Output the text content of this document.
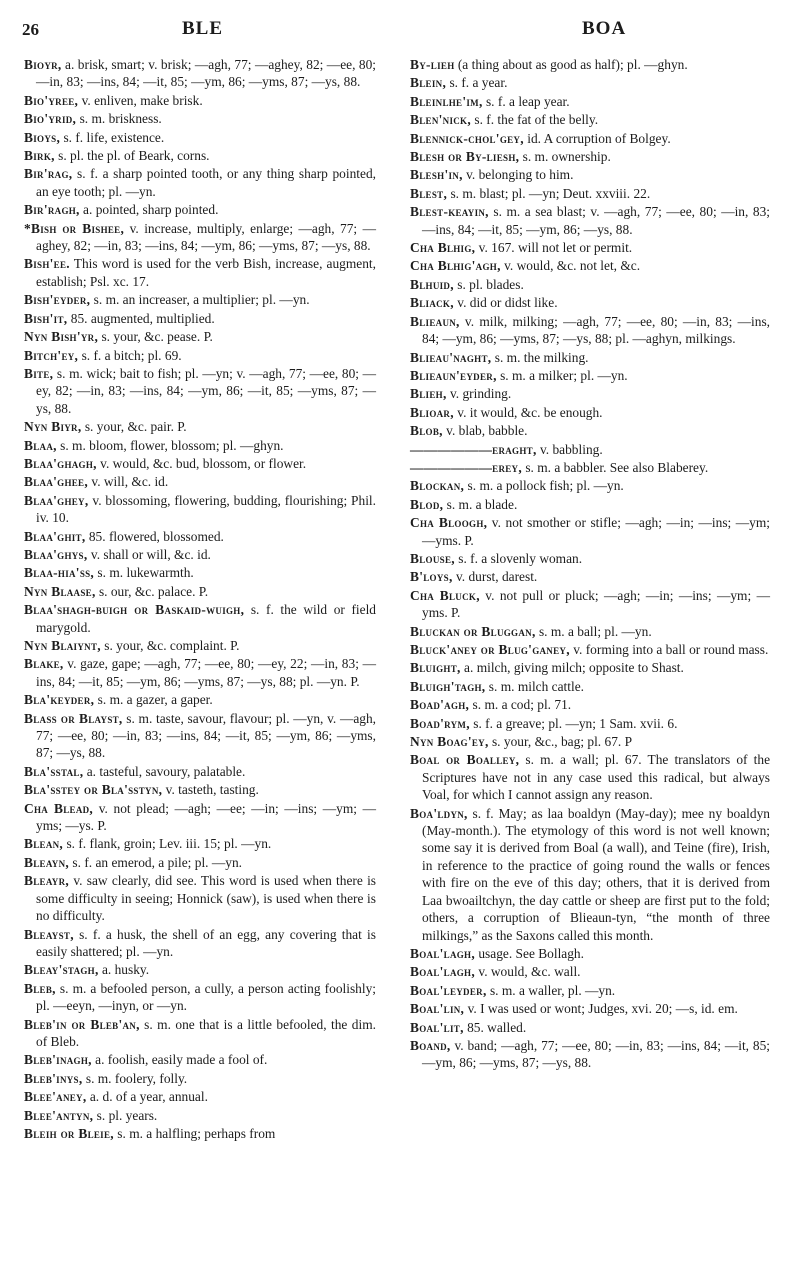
26	BLE	BOA

Bioyr, a. brisk, smart; v. brisk; —agh, 77; —aghey, 82; —ee, 80; —in, 83; —ins, 84; —it, 85; —ym, 86; —yms, 87; —ys, 88.

Bio'yree, v. enliven, make brisk.

Bio'yrid, s. m. briskness.

Bioys, s. f. life, existence.

Birk, s. pl. the pl. of Beark, corns.

Bir'rag, s. f. a sharp pointed tooth, or any thing sharp pointed, an eye tooth; pl. —yn.

Bir'ragh, a. pointed, sharp pointed.

*Bish or Bishee, v. increase, multiply, enlarge; —agh, 77; —aghey, 82; —in, 83; —ins, 84; —ym, 86; —yms, 87; —ys, 88.

Bish'ee. This word is used for the verb Bish, increase, augment, establish; Psl. xc. 17.

Bish'eyder, s. m. an increaser, a multiplier; pl. —yn.

Bish'it, 85. augmented, multiplied.

Nyn Bish'yr, s. your, &c. pease. P.

Bitch'ey, s. f. a bitch; pl. 69.

Bite, s. m. wick; bait to fish; pl. —yn; v. —agh, 77; —ee, 80; —ey, 82; —in, 83; —ins, 84; —ym, 86; —it, 85; —yms, 87; —ys, 88.

Nyn Biyr, s. your, &c. pair. P.

Blaa, s. m. bloom, flower, blossom; pl. —ghyn.

Blaa'ghagh, v. would, &c. bud, blossom, or flower.

Blaa'ghee, v. will, &c. id.

Blaa'ghey, v. blossoming, flowering, budding, flourishing; Phil. iv. 10.

Blaa'ghit, 85. flowered, blossomed.

Blaa'ghys, v. shall or will, &c. id.

Blaa-hia'ss, s. m. lukewarmth.

Nyn Blaase, s. our, &c. palace. P.

Blaa'shagh-buigh or Baskaid-wuigh, s. f. the wild or field marygold.

Nyn Blaiynt, s. your, &c. complaint. P.

Blake, v. gaze, gape; —agh, 77; —ee, 80; —ey, 22; —in, 83; —ins, 84; —it, 85; —ym, 86; —yms, 87; —ys, 88; pl. —yn. P.

Bla'keyder, s. m. a gazer, a gaper.

Blass or Blayst, s. m. taste, savour, flavour; pl. —yn, v. —agh, 77; —ee, 80; —in, 83; —ins, 84; —it, 85; —ym, 86; —yms, 87; —ys, 88.

Bla'sstal, a. tasteful, savoury, palatable.

Bla'sstey or Bla'sstyn, v. tasteth, tasting.

Cha Blead, v. not plead; —agh; —ee; —in; —ins; —ym; —yms; —ys. P.

Blean, s. f. flank, groin; Lev. iii. 15; pl. —yn.

Bleayn, s. f. an emerod, a pile; pl. —yn.

Bleayr, v. saw clearly, did see. This word is used when there is some difficulty in seeing; Honnick (saw), is used when there is no difficulty.

Bleayst, s. f. a husk, the shell of an egg, any covering that is easily shattered; pl. —yn.

Bleay'stagh, a. husky.

Bleb, s. m. a befooled person, a cully, a person acting foolishly; pl. —eeyn, —inyn, or —yn.

Bleb'in or Bleb'an, s. m. one that is a little befooled, the dim. of Bleb.

Bleb'inagh, a. foolish, easily made a fool of.

Bleb'inys, s. m. foolery, folly.

Blee'aney, a. d. of a year, annual.

Blee'antyn, s. pl. years.

Bleih or Bleie, s. m. a halfling; perhaps from

By-lieh (a thing about as good as half); pl. —ghyn.

Blein, s. f. a year.

Bleinlhe'im, s. f. a leap year.

Blen'nick, s. f. the fat of the belly.

Blennick-chol'gey, id. A corruption of Bolgey.

Blesh or By-liesh, s. m. ownership.

Blesh'in, v. belonging to him.

Blest, s. m. blast; pl. —yn; Deut. xxviii. 22.

Blest-keayin, s. m. a sea blast; v. —agh, 77; —ee, 80; —in, 83; —ins, 84; —it, 85; —ym, 86; —ys, 88.

Cha Blhig, v. 167. will not let or permit.

Cha Blhig'agh, v. would, &c. not let, &c.

Blhuid, s. pl. blades.

Bliack, v. did or didst like.

Blieaun, v. milk, milking; —agh, 77; —ee, 80; —in, 83; —ins, 84; —ym, 86; —yms, 87; —ys, 88; pl. —aghyn, milkings.

Blieau'naght, s. m. the milking.

Blieaun'eyder, s. m. a milker; pl. —yn.

Blieh, v. grinding.

Blioar, v. it would, &c. be enough.

Blob, v. blab, babble.

——————eraght, v. babbling.

——————erey, s. m. a babbler. See also Blaberey.

Blockan, s. m. a pollock fish; pl. —yn.

Blod, s. m. a blade.

Cha Bloogh, v. not smother or stifle; —agh; —in; —ins; —ym; —yms. P.

Blouse, s. f. a slovenly woman.

B'loys, v. durst, darest.

Cha Bluck, v. not pull or pluck; —agh; —in; —ins; —ym; —yms. P.

Bluckan or Bluggan, s. m. a ball; pl. —yn.

Bluck'aney or Blug'ganey, v. forming into a ball or round mass.

Bluight, a. milch, giving milch; opposite to Shast.

Bluigh'tagh, s. m. milch cattle.

Boad'agh, s. m. a cod; pl. 71.

Boad'rym, s. f. a greave; pl. —yn; 1 Sam. xvii. 6.

Nyn Boag'ey, s. your, &c., bag; pl. 67. P

Boal or Boalley, s. m. a wall; pl. 67. The translators of the Scriptures have not in any case used this radical, but always Voal, for which I cannot assign any reason.

Boa'ldyn, s. f. May; as laa boaldyn (May-day); mee ny boaldyn (May-month.). The etymology of this word is not well known; some say it is derived from Boal (a wall), and Teine (fire), Irish, in reference to the practice of going round the walls or fences with fire on the eve of this day; others, that it is derived from Laa bwoailtchyn, the day cattle or sheep are first put to the fold; others, a corruption of Blieaun-tyn, “the month of three milkings,” as the Saxons called this month.

Boal'lagh, usage. See Bollagh.

Boal'lagh, v. would, &c. wall.

Boal'leyder, s. m. a waller, pl. —yn.

Boal'lin, v. I was used or wont; Judges, xvi. 20; —s, id. em.

Boal'lit, 85. walled.

Boand, v. band; —agh, 77; —ee, 80; —in, 83; —ins, 84; —it, 85; —ym, 86; —yms, 87; —ys, 88.
